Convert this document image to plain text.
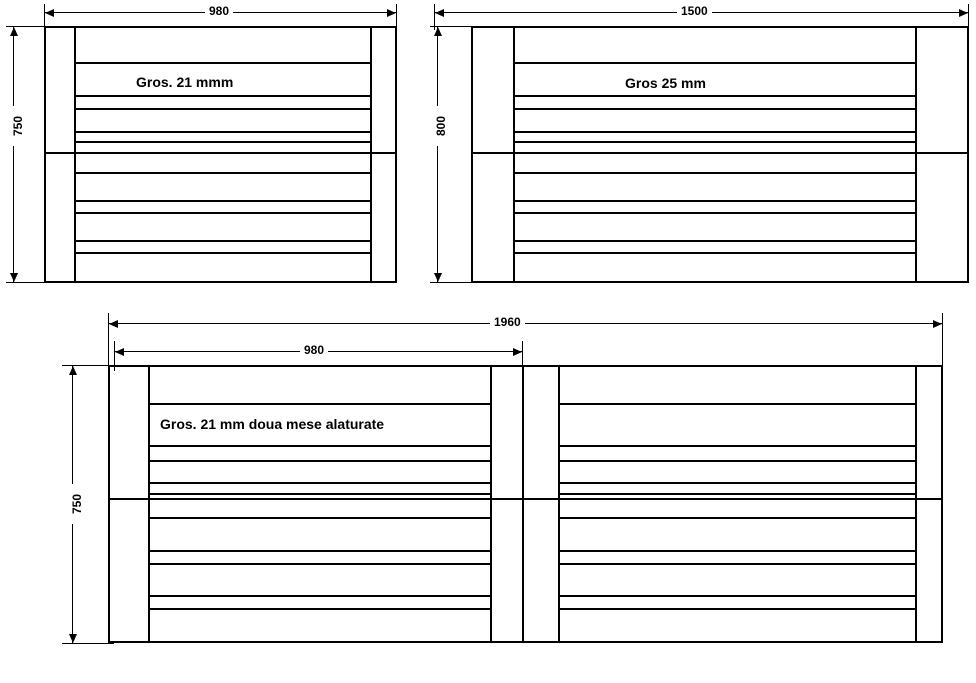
980
750
Gros. 21 mmm
1500
800
Gros 25 mm
1960
980
750
Gros. 21 mm doua mese alaturate
